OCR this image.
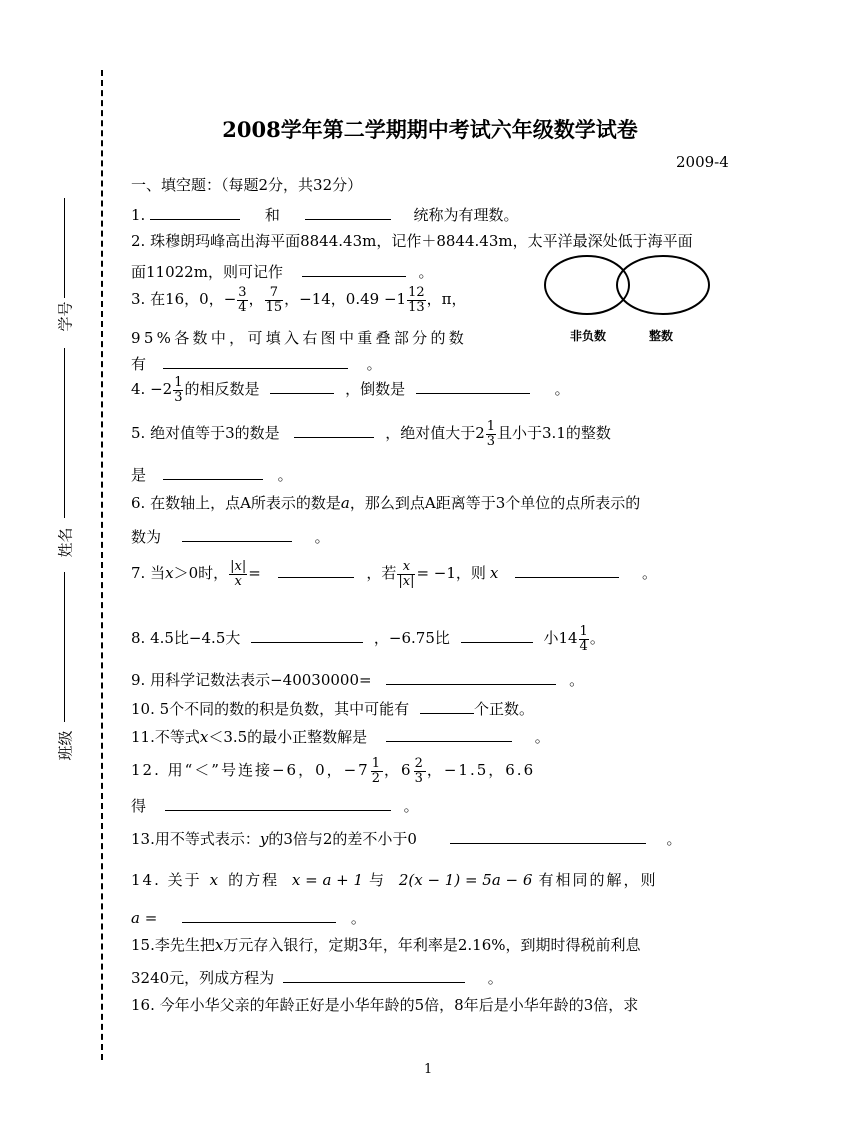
学号
姓名
班级
2008学年第二学期期中考试六年级数学试卷
2009-4
一、填空题：（每题2分，共32分）
1.	和	统称为有理数。
2. 珠穆朗玛峰高出海平面8844.43m，记作＋8844.43m，太平洋最深处低于海平面
面11022m，则可记作	。
3. 在16，0，− $\frac{3}{4}$ ， $\frac{7}{15}$ ，−14，$0.49 -1 \frac{12}{13}$ ，π，
95%各数中，可填入右图中重叠部分的数
有	。
非负数	整数
4. $-2 \frac{1}{3}$ 的相反数是	，倒数是	。
5. 绝对值等于3的数是	，绝对值大于$2 \frac{1}{3}$ 且小于3.1的整数
是	。
6. 在数轴上，点A所表示的数是a，那么到点A距离等于3个单位的点所表示的
数为	。
7. 当x＞0时， $\frac{|x|}{x}$ =	，若 $\frac{x}{|x|} = -1$，则 x	。
8. 4.5比−4.5大	，−6.75比	小$14 \frac{1}{4}$ 。
9. 用科学记数法表示−40030000=	。
10. 5个不同的数的积是负数，其中可能有	个正数。
11.不等式x＜3.5的最小正整数解是	。
12. 用“＜”号连接−6，0，$-7 \frac{1}{2}$ ，$6 \frac{2}{3}$ ，−1.5，6.6
得	。
13.用不等式表示：y的3倍与2的差不小于0	。
14. 关于 x 的方程 x = a + 1 与 2(x − 1) = 5a − 6 有相同的解，则
a =	。
15.李先生把x万元存入银行，定期3年，年利率是2.16%，到期时得税前利息
3240元，列成方程为	。
16. 今年小华父亲的年龄正好是小华年龄的5倍，8年后是小华年龄的3倍，求
1
